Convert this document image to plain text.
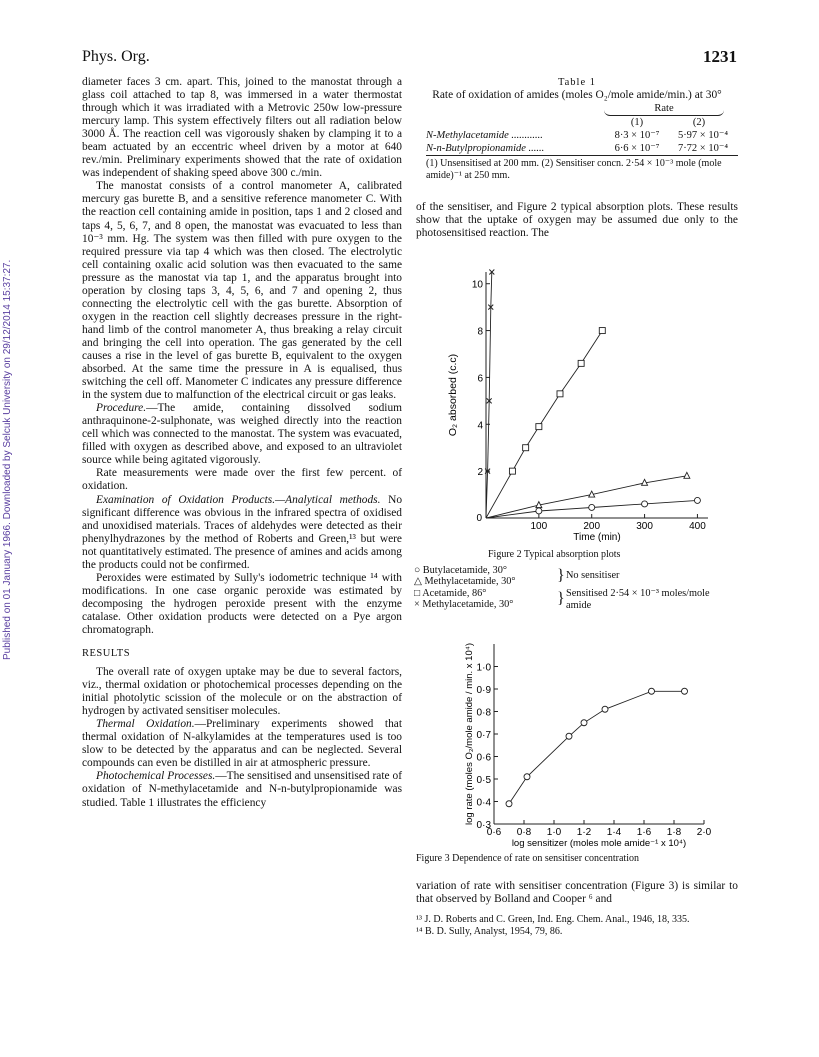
Phys. Org.	1231
Published on 01 January 1966. Downloaded by Selcuk University on 29/12/2014 15:37:27.

diameter faces 3 cm. apart. This, joined to the manostat through a glass coil attached to tap 8, was immersed in a water thermostat through which it was irradiated with a Metrovic 250w low-pressure mercury lamp. This system effectively filters out all radiation below 3000 Å. The reaction cell was vigorously shaken by clamping it to a beam actuated by an eccentric wheel driven by a motor at 640 rev./min. Preliminary experiments showed that the rate of oxidation was independent of shaking speed above 300 c./min.

The manostat consists of a control manometer A, calibrated mercury gas burette B, and a sensitive reference manometer C. With the reaction cell containing amide in position, taps 1 and 2 closed and taps 4, 5, 6, 7, and 8 open, the manostat was evacuated to less than 10⁻³ mm. Hg. The system was then filled with pure oxygen to the required pressure via tap 4 which was then closed. The electrolytic cell containing oxalic acid solution was then evacuated to the same pressure as the manostat via tap 1, and the apparatus brought into operation by closing taps 3, 4, 5, 6, and 7 and opening 2, thus connecting the electrolytic cell with the gas burette. Absorption of oxygen in the reaction cell slightly decreases pressure in the right-hand limb of the control manometer A, thus breaking a relay circuit and bringing the cell into operation. The gas generated by the cell causes a rise in the level of gas burette B, equivalent to the oxygen absorbed. At the same time the pressure in A is equalised, thus switching the cell off. Manometer C indicates any pressure difference in the system due to malfunction of the electrical circuit or gas leaks.

Procedure.—The amide, containing dissolved sodium anthraquinone-2-sulphonate, was weighed directly into the reaction cell which was connected to the manostat. The system was evacuated, filled with oxygen as described above, and exposed to an ultraviolet source while being agitated vigorously.

Rate measurements were made over the first few percent. of oxidation.

Examination of Oxidation Products.—Analytical methods. No significant difference was obvious in the infrared spectra of oxidised and unoxidised materials. Traces of aldehydes were detected as their phenylhydrazones by the method of Roberts and Green,¹³ but were not quantitatively estimated. The presence of amines and acids among the products could not be confirmed.

Peroxides were estimated by Sully's iodometric technique ¹⁴ with modifications. In one case organic peroxide was estimated by decomposing the hydrogen peroxide present with the enzyme catalase. Other oxidation products were detected on a Pye argon chromatograph.

RESULTS

The overall rate of oxygen uptake may be due to several factors, viz., thermal oxidation or photochemical processes depending on the initial photolytic scission of the molecule or on the abstraction of hydrogen by activated sensitiser molecules.

Thermal Oxidation.—Preliminary experiments showed that thermal oxidation of N-alkylamides at the temperatures used is too slow to be detected by the apparatus and can be neglected. Several compounds can even be distilled in air at atmospheric pressure.

Photochemical Processes.—The sensitised and unsensitised rate of oxidation of N-methylacetamide and N-n-butylpropionamide was studied. Table 1 illustrates the efficiency

Table 1
Rate of oxidation of amides (moles O₂/mole amide/min.) at 30°
Rate
(1)	(2)
N-Methylacetamide ............	8·3 × 10⁻⁷	5·97 × 10⁻⁴
N-n-Butylpropionamide ......	6·6 × 10⁻⁷	7·72 × 10⁻⁴
(1) Unsensitised at 200 mm. (2) Sensitiser concn. 2·54 × 10⁻³ mole (mole amide)⁻¹ at 250 mm.
of the sensitiser, and Figure 2 typical absorption plots. These results show that the uptake of oxygen may be assumed due only to the photosensitised reaction. The
100	200	300	400
0
2
4
6
8
10
Time (min)
O₂ absorbed (c.c)
Figure 2 Typical absorption plots
○ Butylacetamide, 30°
△ Methylacetamide, 30°	} No sensitiser
□ Acetamide, 86°
× Methylacetamide, 30°	} Sensitised 2·54 × 10⁻³ moles/mole amide
0·6 0·8 1·0 1·2 1·4 1·6 1·8 2·0
0·3
0·4
0·5
0·6
0·7
0·8
0·9
1·0
log sensitizer (moles mole amide⁻¹ x 10⁴)
log rate (moles O₂/mole amide / min. x 10⁴)
Figure 3 Dependence of rate on sensitiser concentration
variation of rate with sensitiser concentration (Figure 3) is similar to that observed by Bolland and Cooper ⁶ and
¹³ J. D. Roberts and C. Green, Ind. Eng. Chem. Anal., 1946, 18, 335.
¹⁴ B. D. Sully, Analyst, 1954, 79, 86.
